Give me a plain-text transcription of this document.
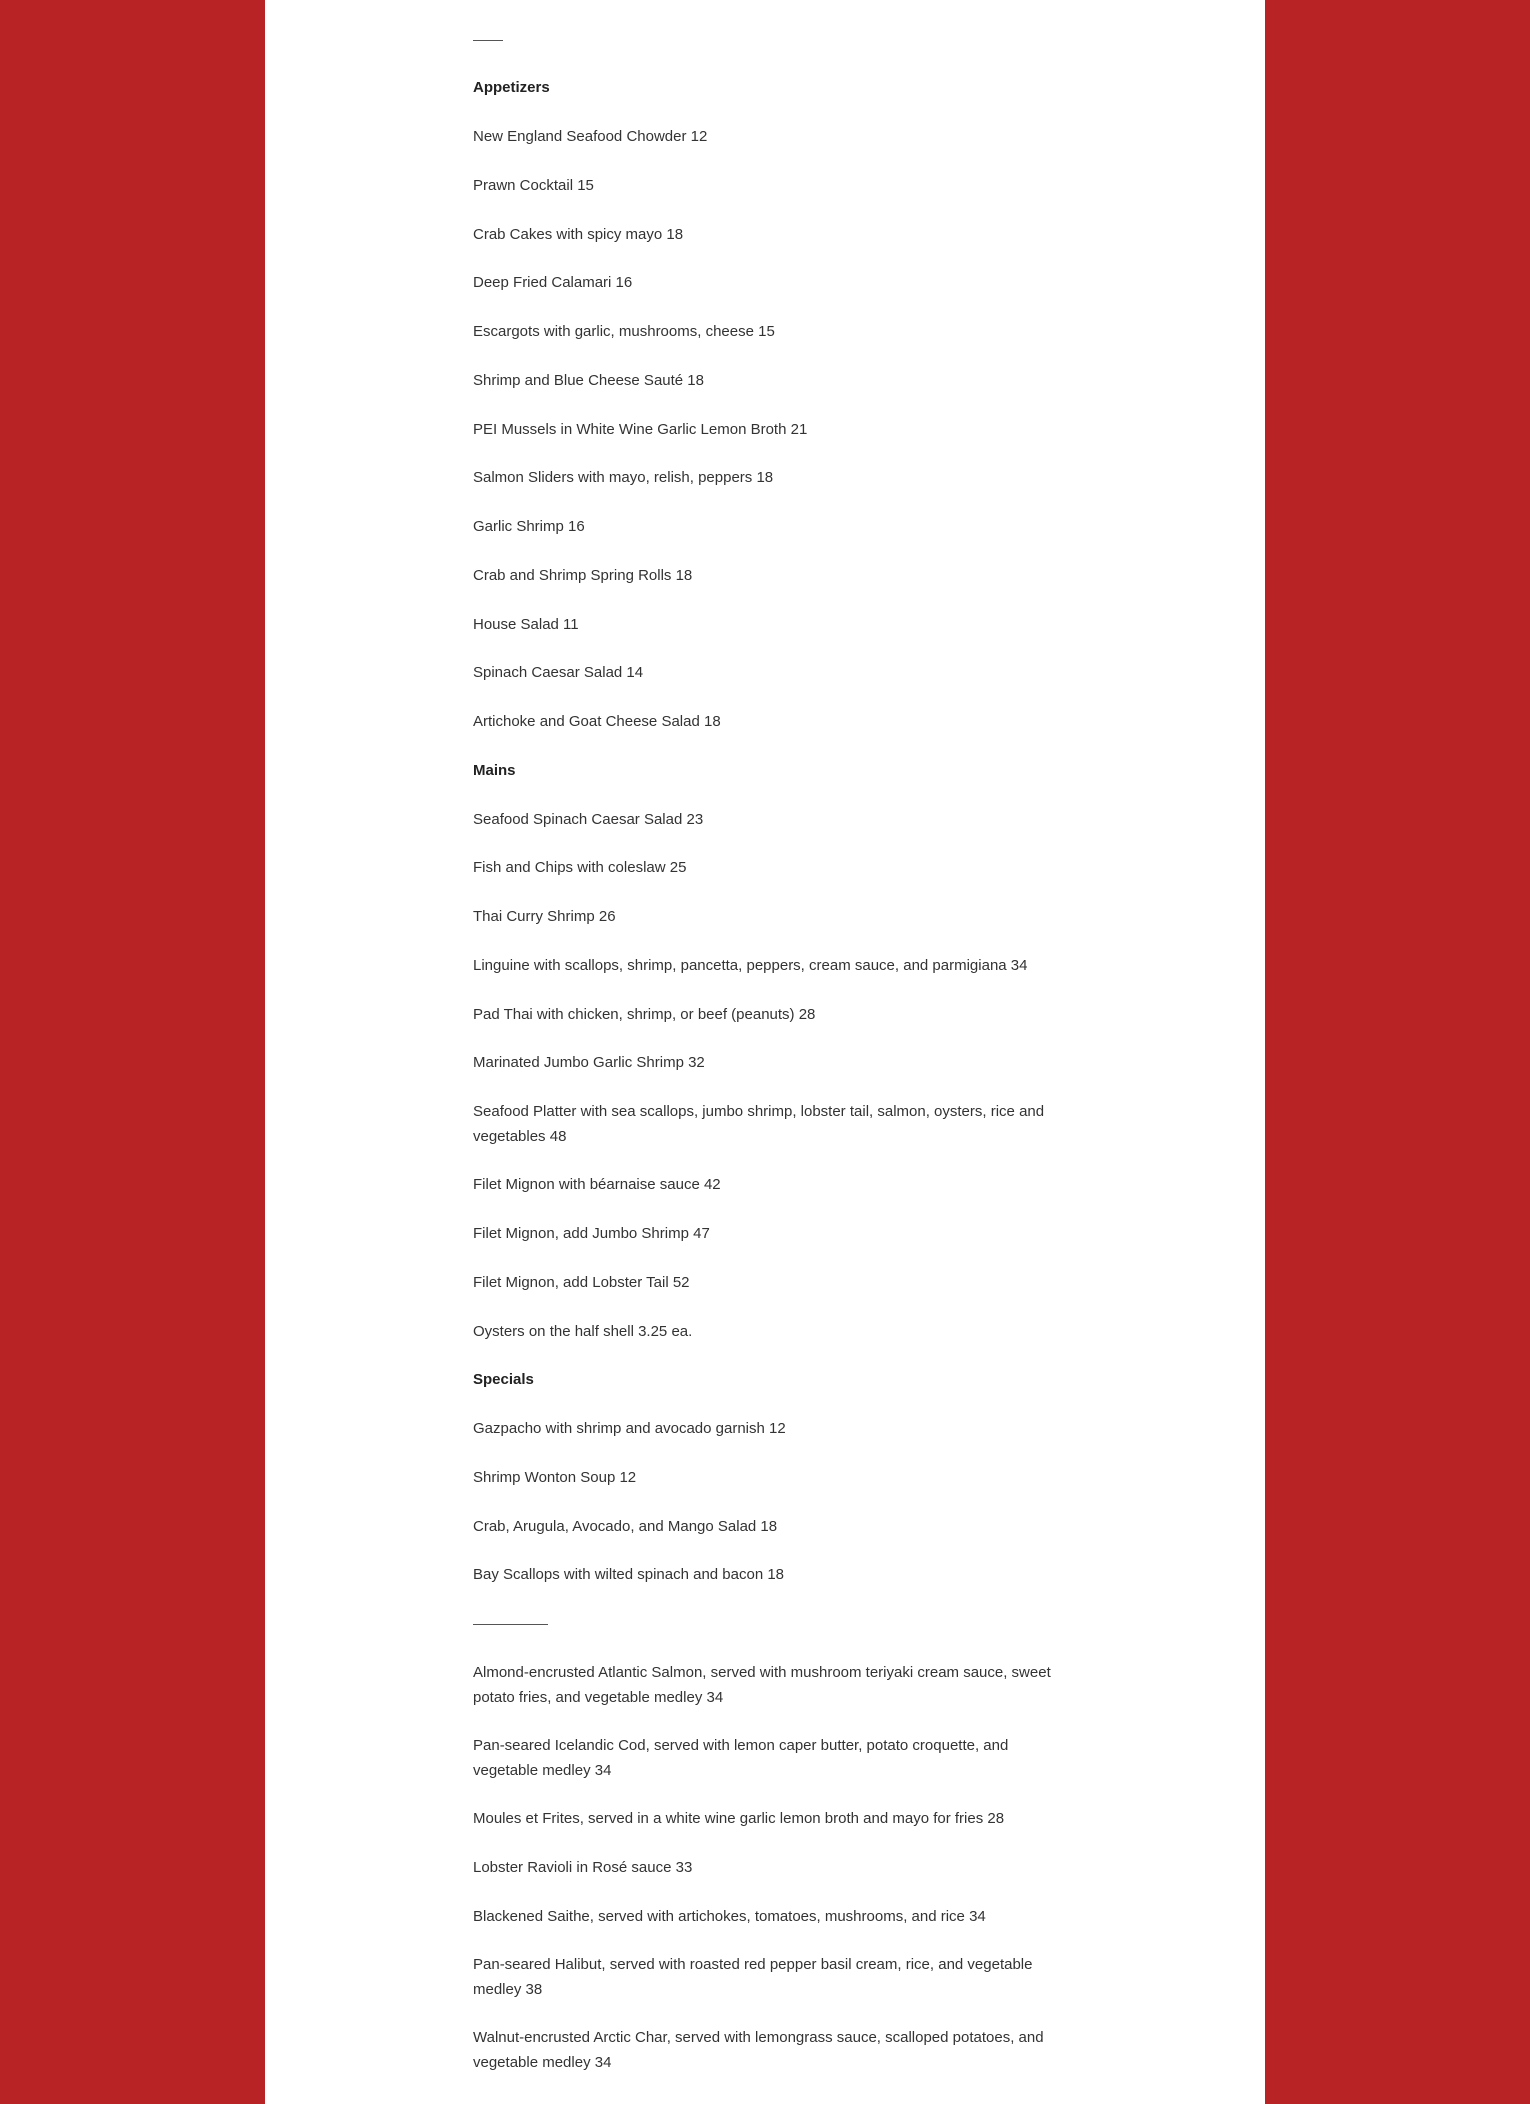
Appetizers
New England Seafood Chowder 12
Prawn Cocktail 15
Crab Cakes with spicy mayo 18
Deep Fried Calamari 16
Escargots with garlic, mushrooms, cheese 15
Shrimp and Blue Cheese Sauté 18
PEI Mussels in White Wine Garlic Lemon Broth 21
Salmon Sliders with mayo, relish, peppers 18
Garlic Shrimp 16
Crab and Shrimp Spring Rolls 18
House Salad 11
Spinach Caesar Salad 14
Artichoke and Goat Cheese Salad 18
Mains
Seafood Spinach Caesar Salad 23
Fish and Chips with coleslaw 25
Thai Curry Shrimp 26
Linguine with scallops, shrimp, pancetta, peppers, cream sauce, and parmigiana 34
Pad Thai with chicken, shrimp, or beef (peanuts) 28
Marinated Jumbo Garlic Shrimp 32
Seafood Platter with sea scallops, jumbo shrimp, lobster tail, salmon, oysters, rice and vegetables 48
Filet Mignon with béarnaise sauce 42
Filet Mignon, add Jumbo Shrimp 47
Filet Mignon, add Lobster Tail 52
Oysters on the half shell 3.25 ea.
Specials
Gazpacho with shrimp and avocado garnish 12
Shrimp Wonton Soup 12
Crab, Arugula, Avocado, and Mango Salad 18
Bay Scallops with wilted spinach and bacon 18
Almond-encrusted Atlantic Salmon, served with mushroom teriyaki cream sauce, sweet potato fries, and vegetable medley 34
Pan-seared Icelandic Cod, served with lemon caper butter, potato croquette, and vegetable medley 34
Moules et Frites, served in a white wine garlic lemon broth and mayo for fries 28
Lobster Ravioli in Rosé sauce 33
Blackened Saithe, served with artichokes, tomatoes, mushrooms, and rice 34
Pan-seared Halibut, served with roasted red pepper basil cream, rice, and vegetable medley 38
Walnut-encrusted Arctic Char, served with lemongrass sauce, scalloped potatoes, and vegetable medley 34
